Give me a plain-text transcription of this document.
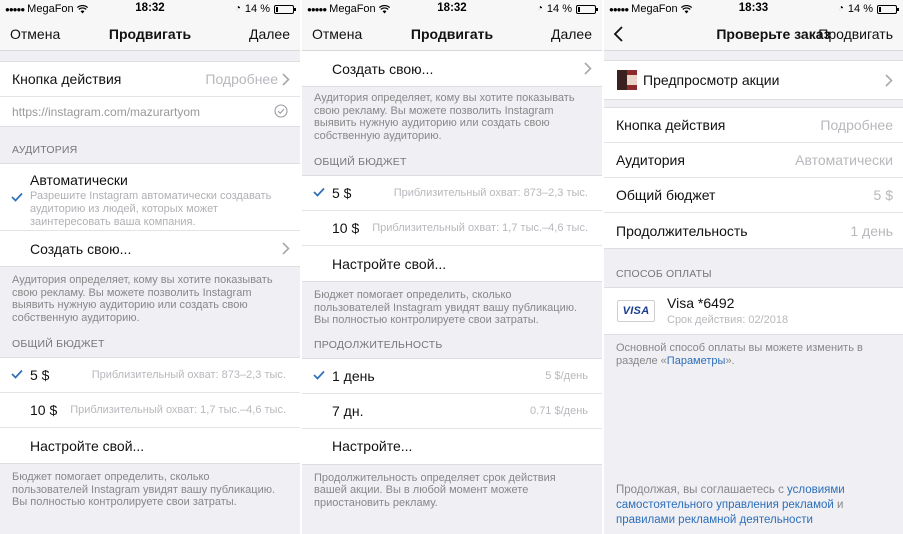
●●●●● MegaFon	18:32	◔ 14 %
Отмена	Продвигать	Далее
Кнопка действия	Подробнее
https://instagram.com/mazurartyom
АУДИТОРИЯ
Автоматически
Разрешите Instagram автоматически создавать аудиторию из людей, которых может заинтересовать ваша компания.
Создать свою...
Аудитория определяет, кому вы хотите показывать свою рекламу. Вы можете позволить Instagram выявить нужную аудиторию или создать свою собственную аудиторию.
ОБЩИЙ БЮДЖЕТ
5 $	Приблизительный охват: 873–2,3 тыс.
10 $ Приблизительный охват: 1,7 тыс.–4,6 тыс.
Настройте свой...
Бюджет помогает определить, сколько пользователей Instagram увидят вашу публикацию. Вы полностью контролируете свои затраты.
●●●●● MegaFon	18:32	◔ 14 %
Отмена	Продвигать	Далее
Создать свою...
Аудитория определяет, кому вы хотите показывать свою рекламу. Вы можете позволить Instagram выявить нужную аудиторию или создать свою собственную аудиторию.
ОБЩИЙ БЮДЖЕТ
5 $	Приблизительный охват: 873–2,3 тыс.
10 $ Приблизительный охват: 1,7 тыс.–4,6 тыс.
Настройте свой...
Бюджет помогает определить, сколько пользователей Instagram увидят вашу публикацию. Вы полностью контролируете свои затраты.
ПРОДОЛЖИТЕЛЬНОСТЬ
1 день	5 $/день
7 дн.	0.71 $/день
Настройте...
Продолжительность определяет срок действия вашей акции. Вы в любой момент можете приостановить рекламу.
●●●●● MegaFon	18:33	◔ 14 %
Проверьте заказ
Продвигать
Предпросмотр акции
Кнопка действия	Подробнее
Аудитория	Автоматически
Общий бюджет	5 $
Продолжительность	1 день
СПОСОБ ОПЛАТЫ
VISA	Visa *6492
Срок действия: 02/2018
Основной способ оплаты вы можете изменить в разделе «Параметры».
Продолжая, вы соглашаетесь с условиями самостоятельного управления рекламой и правилами рекламной деятельности
